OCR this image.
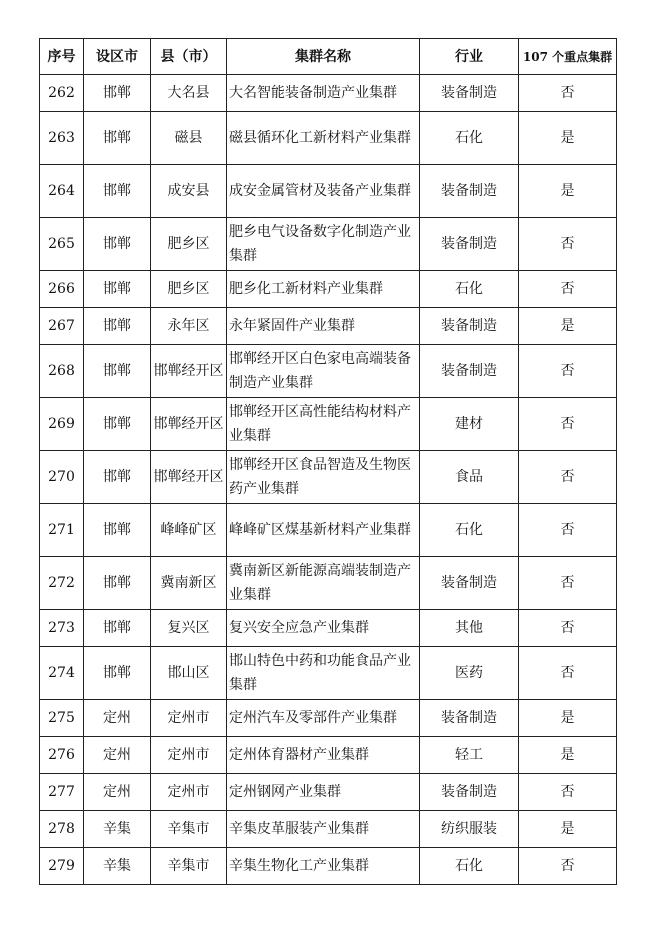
序号	设区市	县（市）	集群名称	行业	107 个重点集群
262	邯郸	大名县	大名智能装备制造产业集群	装备制造	否
263	邯郸	磁县	磁县循环化工新材料产业集群	石化	是
264	邯郸	成安县	成安金属管材及装备产业集群	装备制造	是
265	邯郸	肥乡区	肥乡电气设备数字化制造产业集群	装备制造	否
266	邯郸	肥乡区	肥乡化工新材料产业集群	石化	否
267	邯郸	永年区	永年紧固件产业集群	装备制造	是
268	邯郸	邯郸经开区	邯郸经开区白色家电高端装备制造产业集群	装备制造	否
269	邯郸	邯郸经开区	邯郸经开区高性能结构材料产业集群	建材	否
270	邯郸	邯郸经开区	邯郸经开区食品智造及生物医药产业集群	食品	否
271	邯郸	峰峰矿区	峰峰矿区煤基新材料产业集群	石化	否
272	邯郸	冀南新区	冀南新区新能源高端装制造产业集群	装备制造	否
273	邯郸	复兴区	复兴安全应急产业集群	其他	否
274	邯郸	邯山区	邯山特色中药和功能食品产业集群	医药	否
275	定州	定州市	定州汽车及零部件产业集群	装备制造	是
276	定州	定州市	定州体育器材产业集群	轻工	是
277	定州	定州市	定州钢网产业集群	装备制造	否
278	辛集	辛集市	辛集皮革服装产业集群	纺织服装	是
279	辛集	辛集市	辛集生物化工产业集群	石化	否
